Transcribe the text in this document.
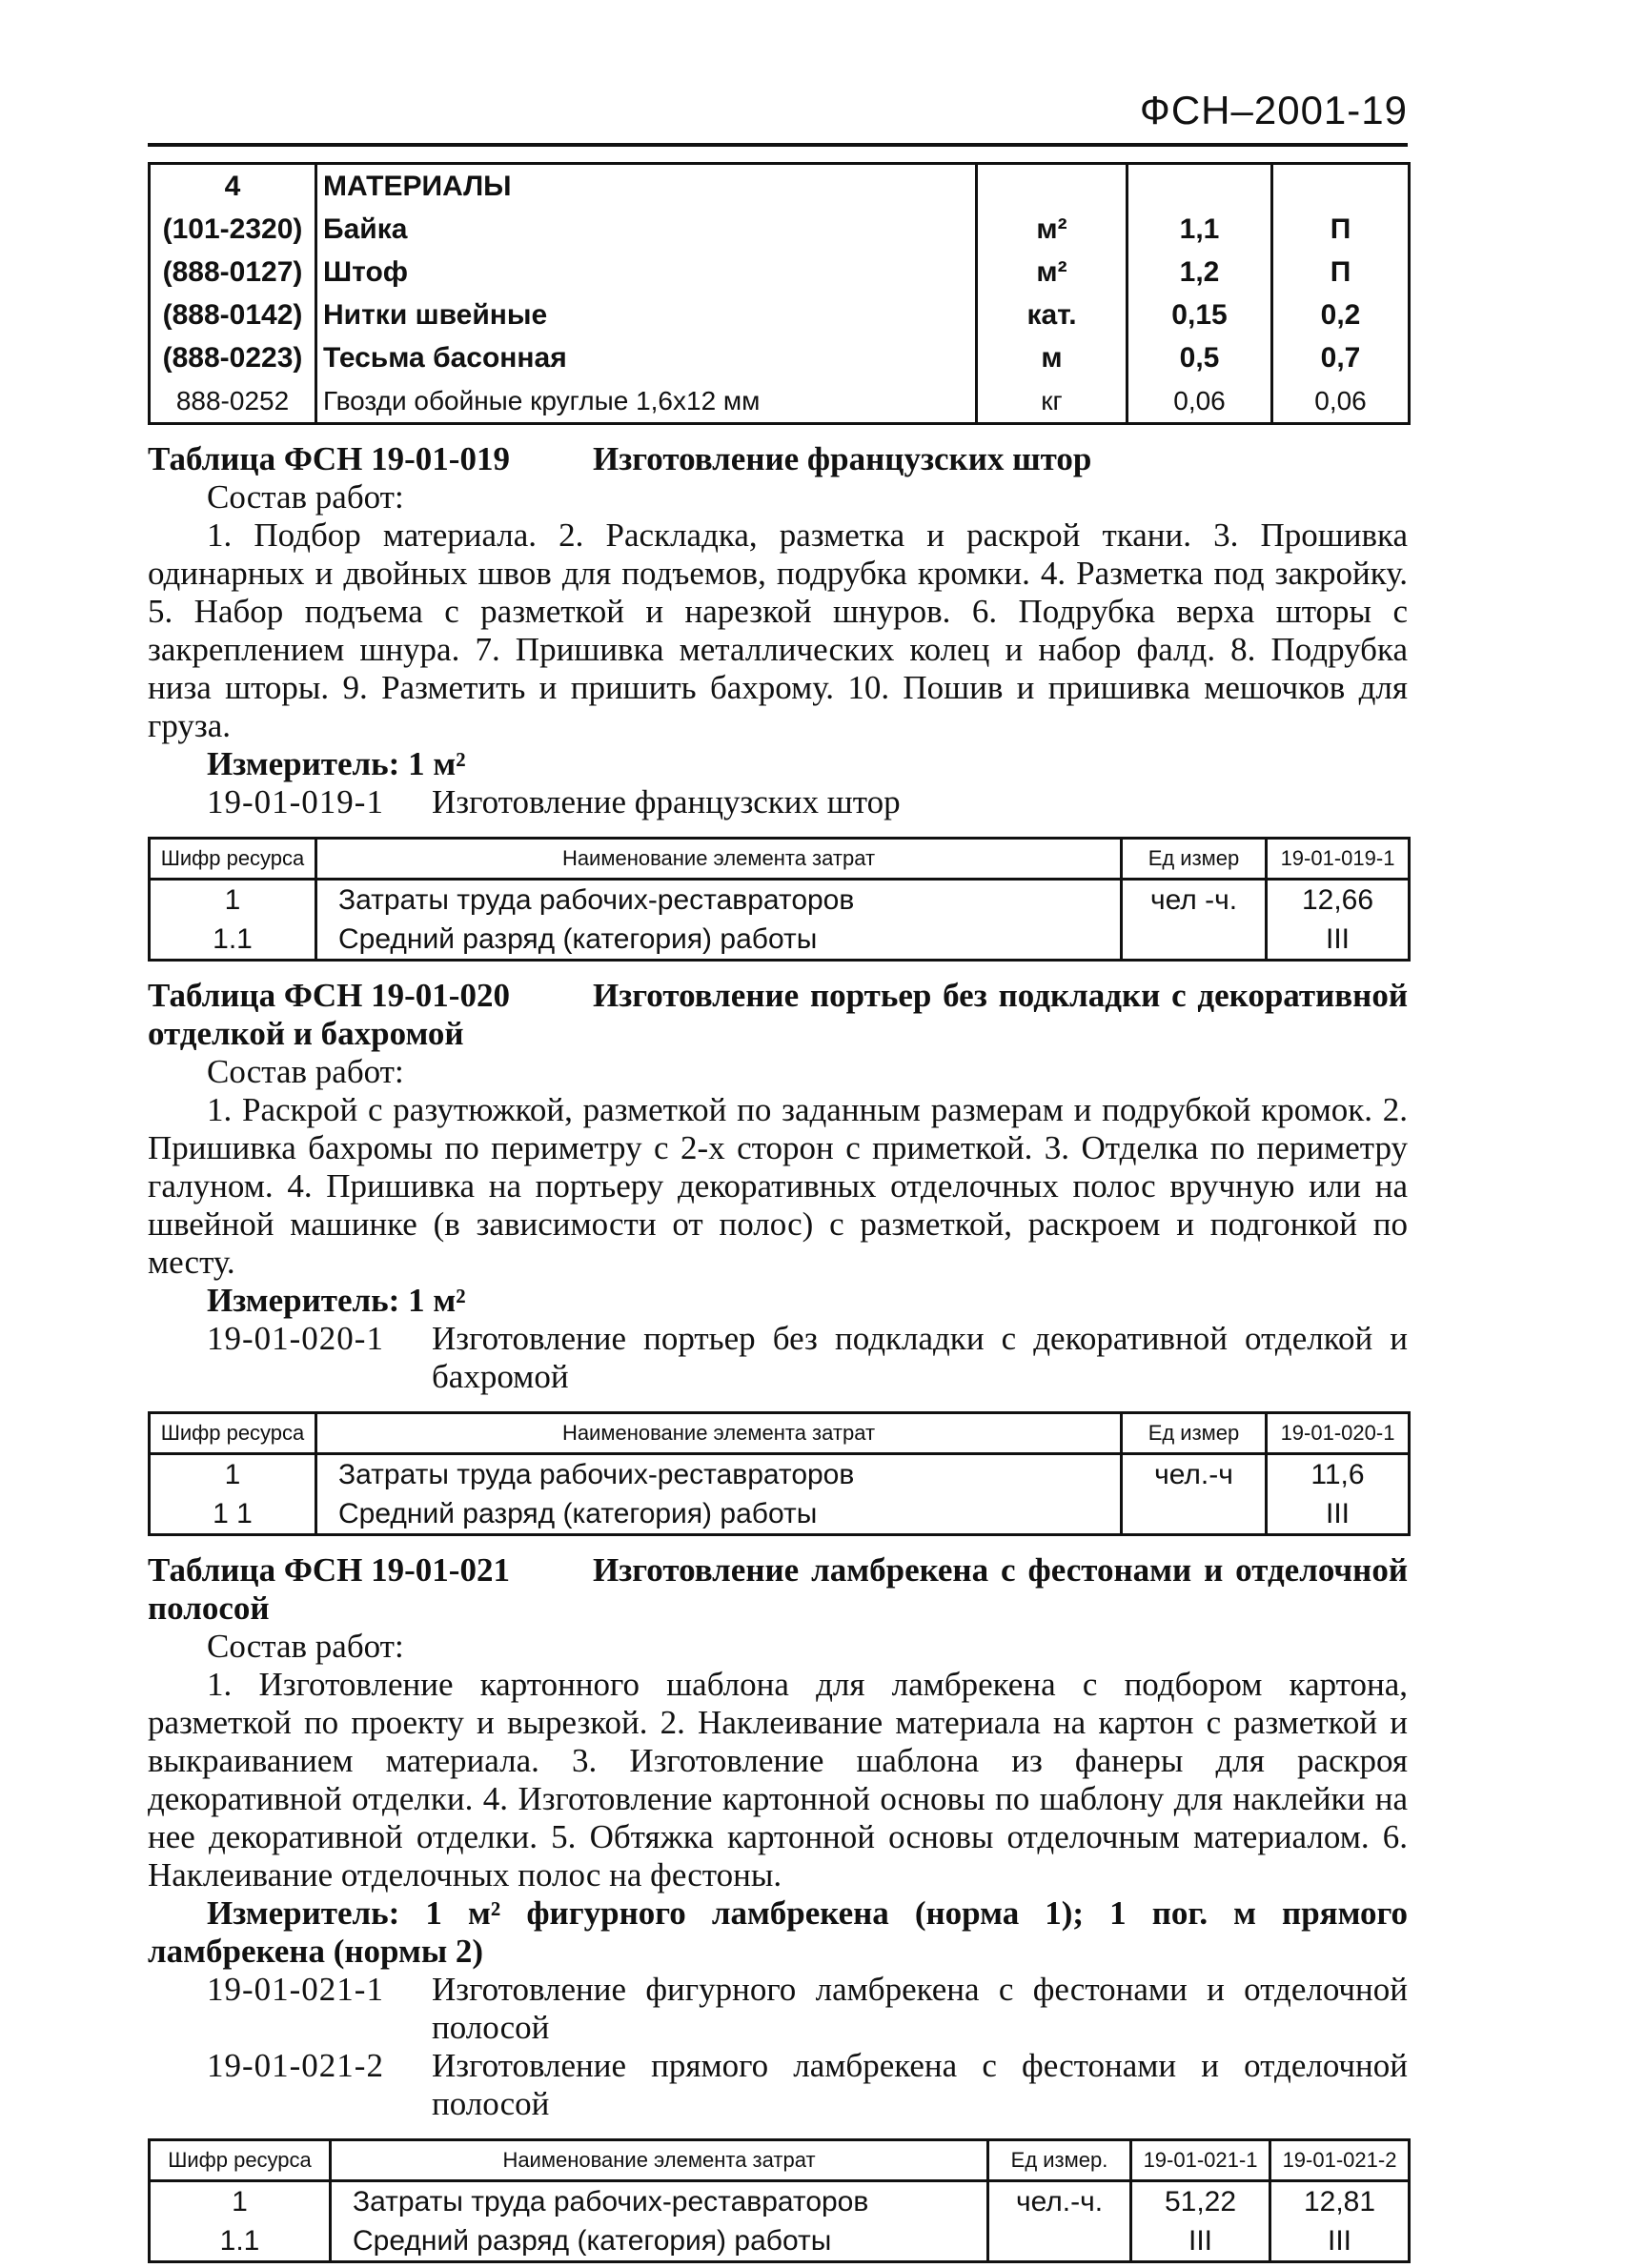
ФСН–2001-19
4	МАТЕРИАЛЫ			
(101-2320)	Байка	м²	1,1	П
(888-0127)	Штоф	м²	1,2	П
(888-0142)	Нитки швейные	кат.	0,15	0,2
(888-0223)	Тесьма басонная	м	0,5	0,7
888-0252	Гвозди обойные круглые 1,6х12 мм	кг	0,06	0,06
Таблица ФСН 19-01-019 Изготовление французских штор
Состав работ:
1. Подбор материала. 2. Раскладка, разметка и раскрой ткани. 3. Прошивка одинарных и двойных швов для подъемов, подрубка кромки. 4. Разметка под закройку. 5. Набор подъема с разметкой и нарезкой шнуров. 6. Подрубка верха шторы с закреплением шнура. 7. Пришивка металлических колец и набор фалд. 8. Подрубка низа шторы. 9. Разметить и пришить бахрому. 10. Пошив и пришивка мешочков для груза.
Измеритель: 1 м²
19-01-019-1	Изготовление французских штор
Шифр ресурса	Наименование элемента затрат	Ед измер	19-01-019-1
1	Затраты труда рабочих-реставраторов	чел -ч.	12,66
1.1	Средний разряд (категория) работы		III
Таблица ФСН 19-01-020 Изготовление портьер без подкладки с декоративной отделкой и бахромой
Состав работ:
1. Раскрой с разутюжкой, разметкой по заданным размерам и подрубкой кромок. 2. Пришивка бахромы по периметру с 2-х сторон с приметкой. 3. Отделка по периметру галуном. 4. Пришивка на портьеру декоративных отделочных полос вручную или на швейной машинке (в зависимости от полос) с разметкой, раскроем и подгонкой по месту.
Измеритель: 1 м²
19-01-020-1	Изготовление портьер без подкладки с декоративной отделкой и бахромой
Шифр ресурса	Наименование элемента затрат	Ед измер	19-01-020-1
1	Затраты труда рабочих-реставраторов	чел.-ч	11,6
1 1	Средний разряд (категория) работы		III
Таблица ФСН 19-01-021 Изготовление ламбрекена с фестонами и отделочной полосой
Состав работ:
1. Изготовление картонного шаблона для ламбрекена с подбором картона, разметкой по проекту и вырезкой. 2. Наклеивание материала на картон с разметкой и выкраиванием материала. 3. Изготовление шаблона из фанеры для раскроя декоративной отделки. 4. Изготовление картонной основы по шаблону для наклейки на нее декоративной отделки. 5. Обтяжка картонной основы отделочным материалом. 6. Наклеивание отделочных полос на фестоны.
Измеритель: 1 м² фигурного ламбрекена (норма 1); 1 пог. м прямого ламбрекена (нормы 2)
19-01-021-1	Изготовление фигурного ламбрекена с фестонами и отделочной полосой
19-01-021-2	Изготовление прямого ламбрекена с фестонами и отделочной полосой
Шифр ресурса	Наименование элемента затрат	Ед измер.	19-01-021-1	19-01-021-2
1	Затраты труда рабочих-реставраторов	чел.-ч.	51,22	12,81
1.1	Средний разряд (категория) работы		III	III
